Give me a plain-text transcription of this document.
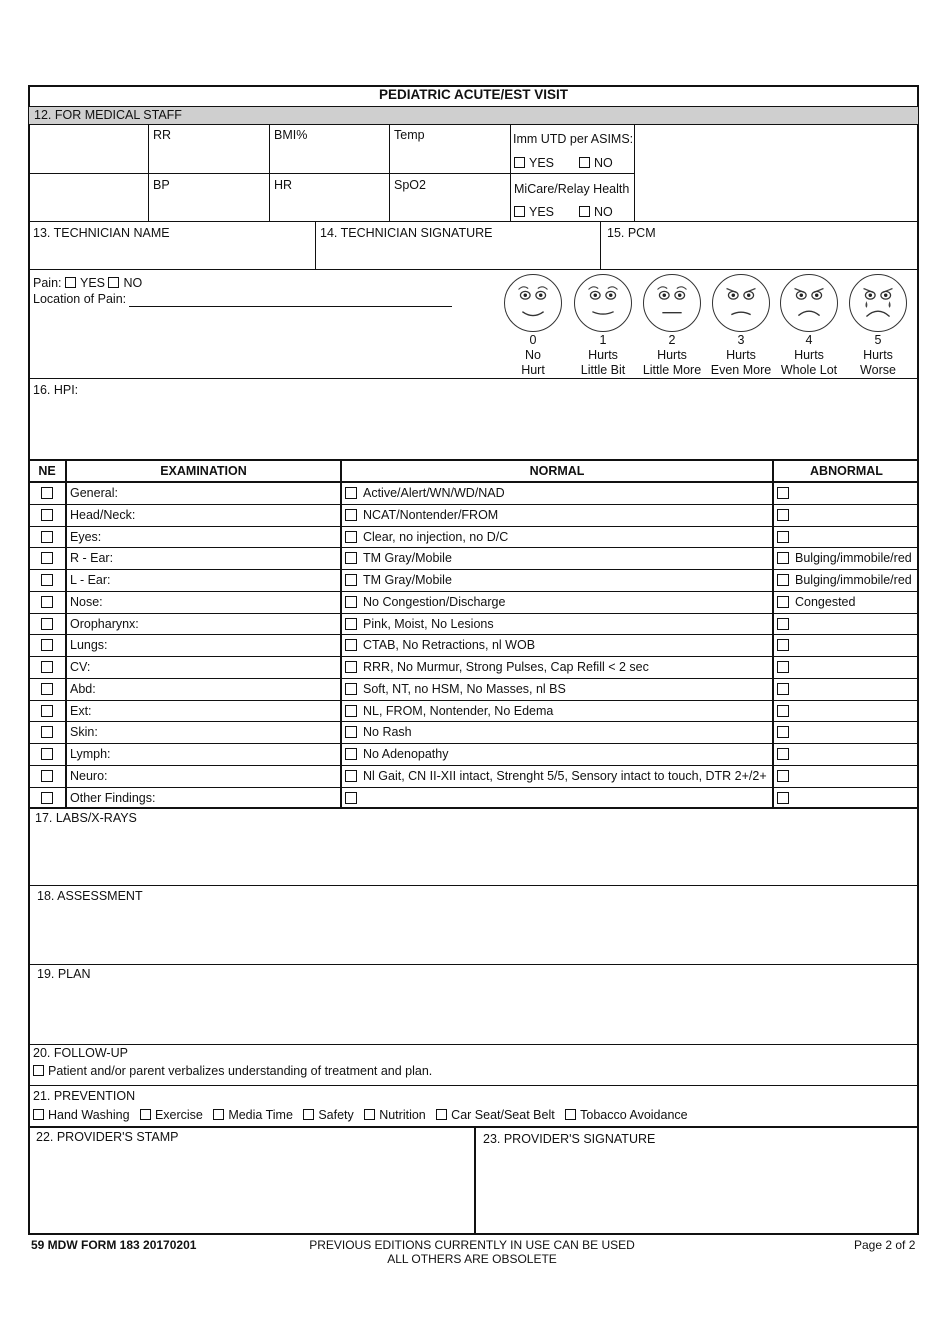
PEDIATRIC ACUTE/EST VISIT
12. FOR MEDICAL STAFF
RR	BMI%	Temp	Imm UTD per ASIMS:
YES	NO
BP	HR	SpO2	MiCare/Relay Health
YES	NO
13. TECHNICIAN NAME	14. TECHNICIAN SIGNATURE	15. PCM
Pain: YES NO
Location of Pain:
0
No
Hurt
1
Hurts
Little Bit
2
Hurts
Little More
3
Hurts
Even More
4
Hurts
Whole Lot
5
Hurts
Worse
16. HPI:
NE	EXAMINATION	NORMAL	ABNORMAL
General:	Active/Alert/WN/WD/NAD
Head/Neck:	NCAT/Nontender/FROM
Eyes:	Clear, no injection, no D/C
R - Ear:	TM Gray/Mobile	Bulging/immobile/red
L - Ear:	TM Gray/Mobile	Bulging/immobile/red
Nose:	No Congestion/Discharge	Congested
Oropharynx:	Pink, Moist, No Lesions
Lungs:	CTAB, No Retractions, nl WOB
CV:	RRR, No Murmur, Strong Pulses, Cap Refill < 2 sec
Abd:	Soft, NT, no HSM, No Masses, nl BS
Ext:	NL, FROM, Nontender, No Edema
Skin:	No Rash
Lymph:	No Adenopathy
Neuro:	Nl Gait, CN II-XII intact, Strenght 5/5, Sensory intact to touch, DTR 2+/2+
Other Findings:
17. LABS/X-RAYS
18. ASSESSMENT
19. PLAN
20. FOLLOW-UP
Patient and/or parent verbalizes understanding of treatment and plan.
21. PREVENTION
Hand Washing Exercise Media Time Safety Nutrition Car Seat/Seat Belt Tobacco Avoidance
22. PROVIDER'S STAMP	23. PROVIDER'S SIGNATURE
59 MDW FORM 183 20170201	PREVIOUS EDITIONS CURRENTLY IN USE CAN BE USED
ALL OTHERS ARE OBSOLETE
Page 2 of 2
